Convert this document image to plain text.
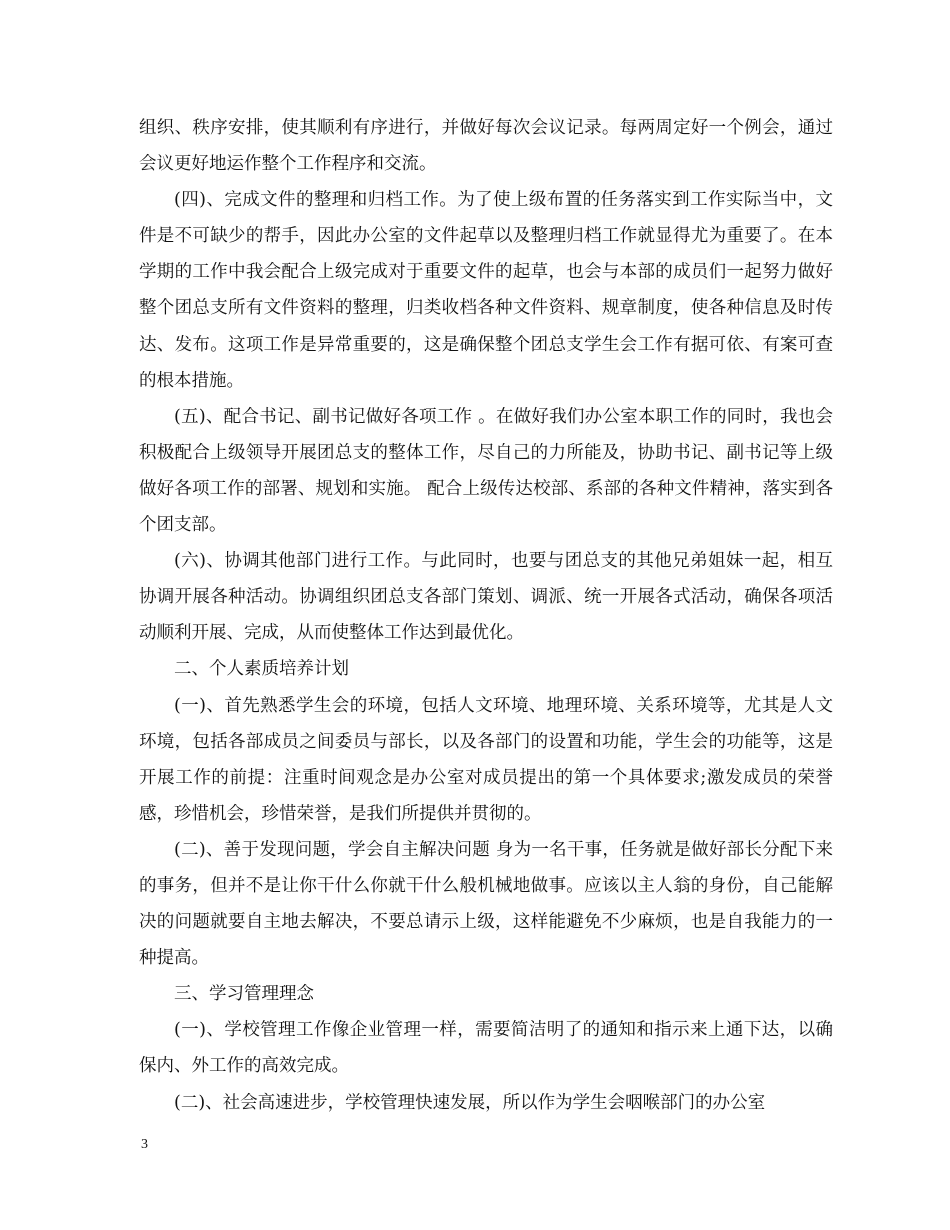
组织、秩序安排，使其顺利有序进行，并做好每次会议记录。每两周定好一个例会，通过会议更好地运作整个工作程序和交流。

(四)、完成文件的整理和归档工作。为了使上级布置的任务落实到工作实际当中，文件是不可缺少的帮手，因此办公室的文件起草以及整理归档工作就显得尤为重要了。在本学期的工作中我会配合上级完成对于重要文件的起草，也会与本部的成员们一起努力做好整个团总支所有文件资料的整理，归类收档各种文件资料、规章制度，使各种信息及时传达、发布。这项工作是异常重要的，这是确保整个团总支学生会工作有据可依、有案可查的根本措施。

(五)、配合书记、副书记做好各项工作 。在做好我们办公室本职工作的同时，我也会积极配合上级领导开展团总支的整体工作，尽自己的力所能及，协助书记、副书记等上级做好各项工作的部署、规划和实施。 配合上级传达校部、系部的各种文件精神，落实到各个团支部。

(六)、协调其他部门进行工作。与此同时，也要与团总支的其他兄弟姐妹一起，相互协调开展各种活动。协调组织团总支各部门策划、调派、统一开展各式活动，确保各项活动顺利开展、完成，从而使整体工作达到最优化。

二、个人素质培养计划

(一)、首先熟悉学生会的环境，包括人文环境、地理环境、关系环境等，尤其是人文环境，包括各部成员之间委员与部长，以及各部门的设置和功能，学生会的功能等，这是开展工作的前提：注重时间观念是办公室对成员提出的第一个具体要求;激发成员的荣誉感，珍惜机会，珍惜荣誉，是我们所提供并贯彻的。

(二)、善于发现问题，学会自主解决问题 身为一名干事，任务就是做好部长分配下来的事务，但并不是让你干什么你就干什么般机械地做事。应该以主人翁的身份，自己能解决的问题就要自主地去解决，不要总请示上级，这样能避免不少麻烦，也是自我能力的一种提高。

三、学习管理理念

(一)、学校管理工作像企业管理一样，需要简洁明了的通知和指示来上通下达，以确保内、外工作的高效完成。

(二)、社会高速进步，学校管理快速发展，所以作为学生会咽喉部门的办公室

3
